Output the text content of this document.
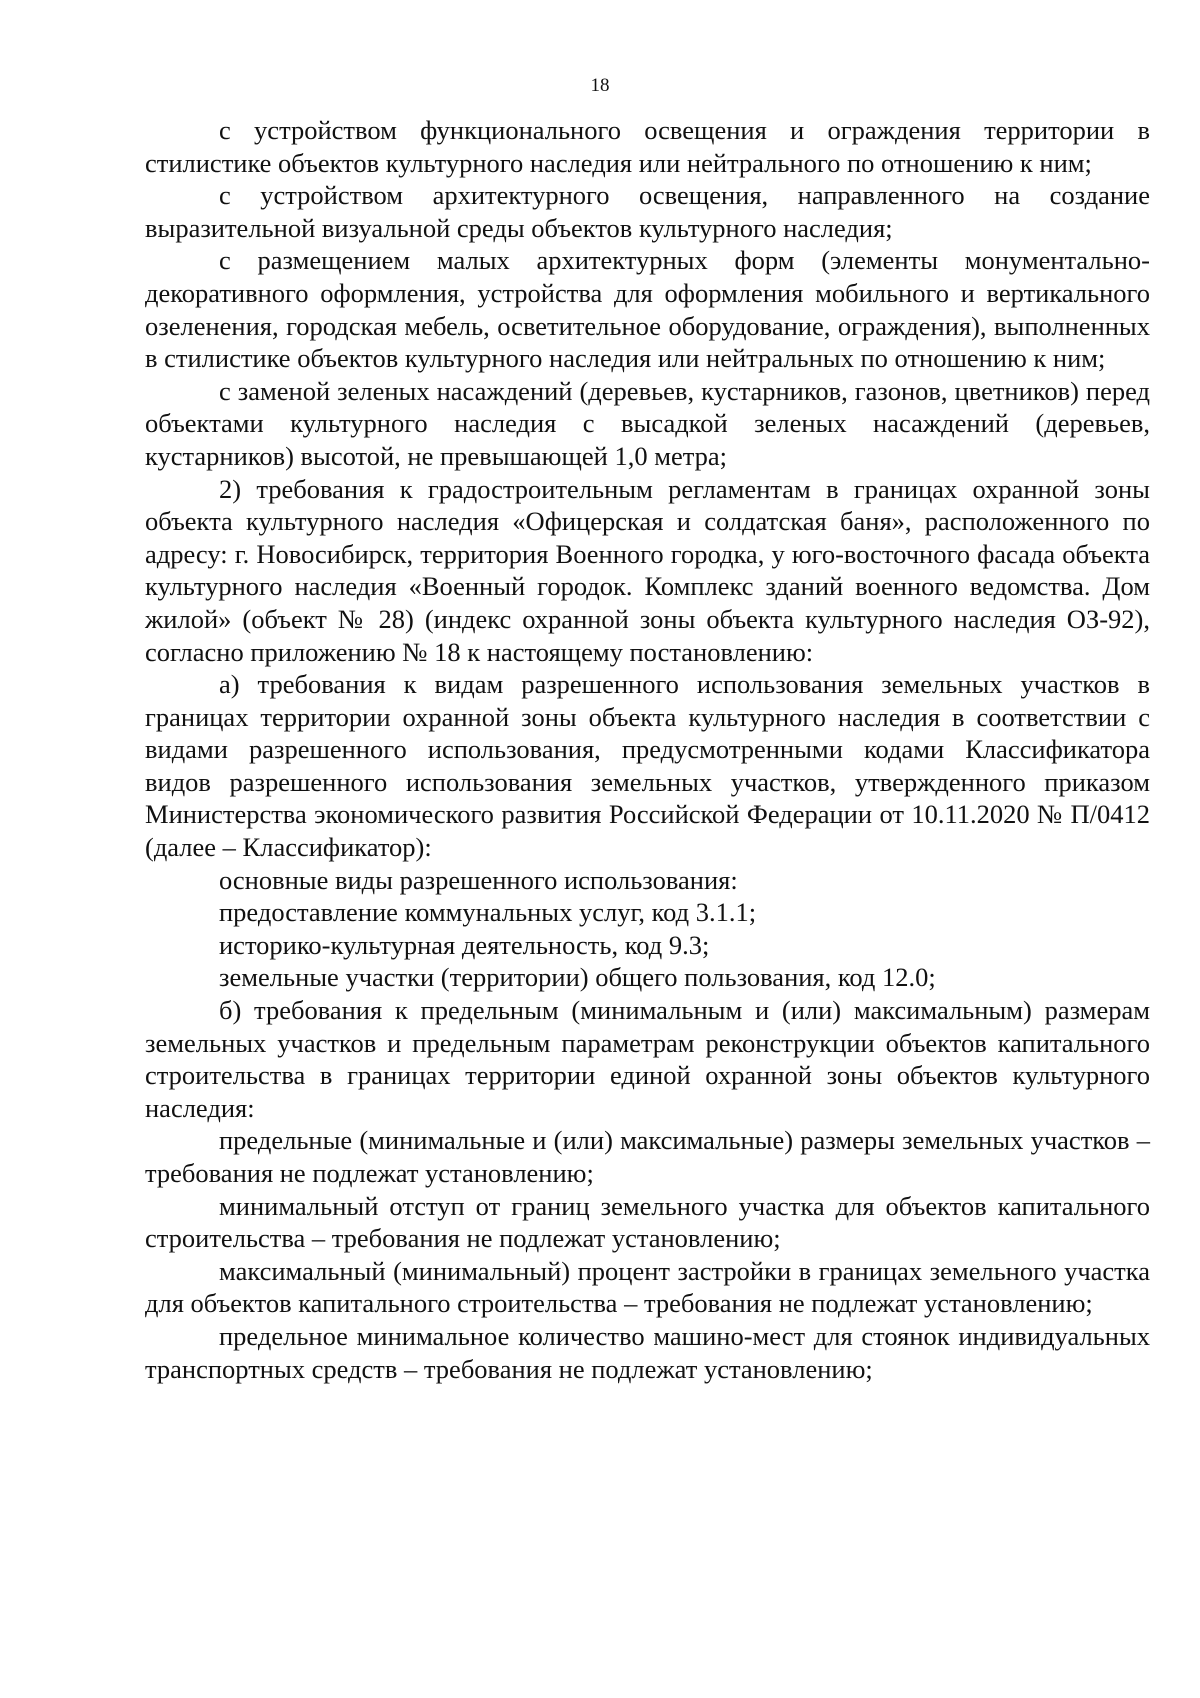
18

с устройством функционального освещения и ограждения территории в стилистике объектов культурного наследия или нейтрального по отношению к ним;

с устройством архитектурного освещения, направленного на создание выразительной визуальной среды объектов культурного наследия;

с размещением малых архитектурных форм (элементы монументально-декоративного оформления, устройства для оформления мобильного и вертикального озеленения, городская мебель, осветительное оборудование, ограждения), выполненных в стилистике объектов культурного наследия или нейтральных по отношению к ним;

с заменой зеленых насаждений (деревьев, кустарников, газонов, цветников) перед объектами культурного наследия с высадкой зеленых насаждений (деревьев, кустарников) высотой, не превышающей 1,0 метра;

2) требования к градостроительным регламентам в границах охранной зоны объекта культурного наследия «Офицерская и солдатская баня», расположенного по адресу: г. Новосибирск, территория Военного городка, у юго-восточного фасада объекта культурного наследия «Военный городок. Комплекс зданий военного ведомства. Дом жилой» (объект № 28) (индекс охранной зоны объекта культурного наследия ОЗ-92), согласно приложению № 18 к настоящему постановлению:

а) требования к видам разрешенного использования земельных участков в границах территории охранной зоны объекта культурного наследия в соответствии с видами разрешенного использования, предусмотренными кодами Классификатора видов разрешенного использования земельных участков, утвержденного приказом Министерства экономического развития Российской Федерации от 10.11.2020 № П/0412 (далее – Классификатор):

основные виды разрешенного использования:

предоставление коммунальных услуг, код 3.1.1;

историко-культурная деятельность, код 9.3;

земельные участки (территории) общего пользования, код 12.0;

б) требования к предельным (минимальным и (или) максимальным) размерам земельных участков и предельным параметрам реконструкции объектов капитального строительства в границах территории единой охранной зоны объектов культурного наследия:

предельные (минимальные и (или) максимальные) размеры земельных участков – требования не подлежат установлению;

минимальный отступ от границ земельного участка для объектов капитального строительства – требования не подлежат установлению;

максимальный (минимальный) процент застройки в границах земельного участка для объектов капитального строительства – требования не подлежат установлению;

предельное минимальное количество машино-мест для стоянок индивидуальных транспортных средств – требования не подлежат установлению;
